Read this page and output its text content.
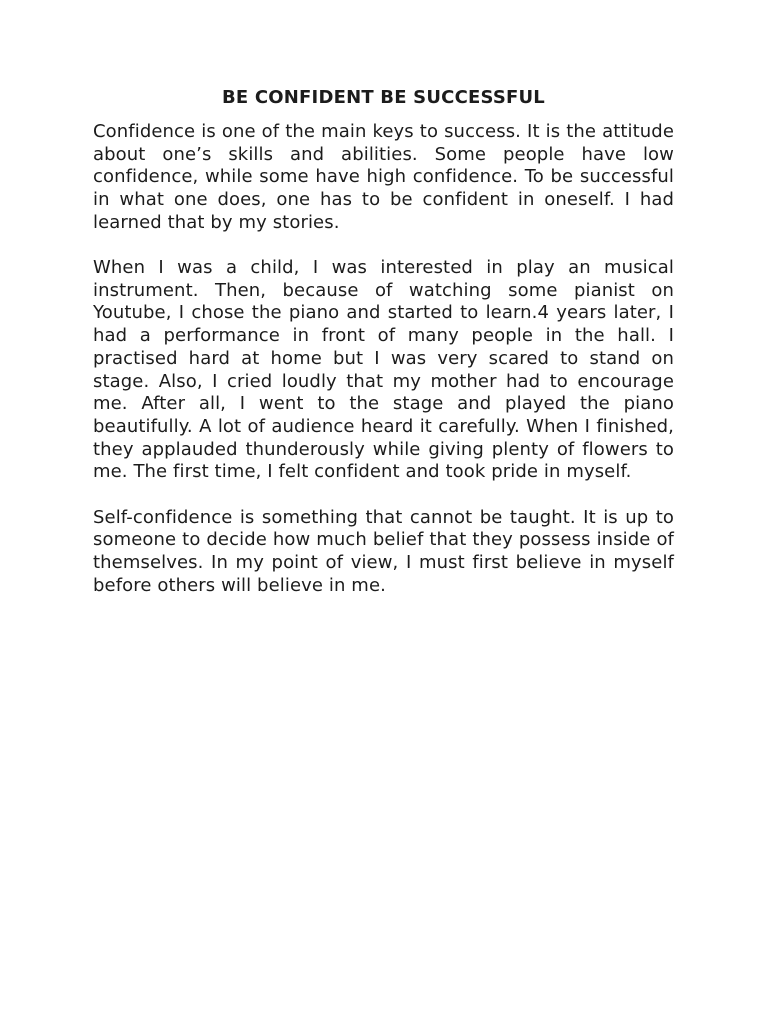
BE CONFIDENT BE SUCCESSFUL

Confidence is one of the main keys to success. It is the attitude about one’s skills and abilities. Some people have low confidence, while some have high confidence. To be successful in what one does, one has to be confident in oneself. I had learned that by my stories.

When I was a child, I was interested in play an musical instrument. Then, because of watching some pianist on Youtube, I chose the piano and started to learn.4 years later, I had a performance in front of many people in the hall. I practised hard at home but I was very scared to stand on stage. Also, I cried loudly that my mother had to encourage me. After all, I went to the stage and played the piano beautifully. A lot of audience heard it carefully. When I finished, they applauded thunderously while giving plenty of flowers to me. The first time, I felt confident and took pride in myself.

Self-confidence is something that cannot be taught. It is up to someone to decide how much belief that they possess inside of themselves. In my point of view, I must first believe in myself before others will believe in me.
